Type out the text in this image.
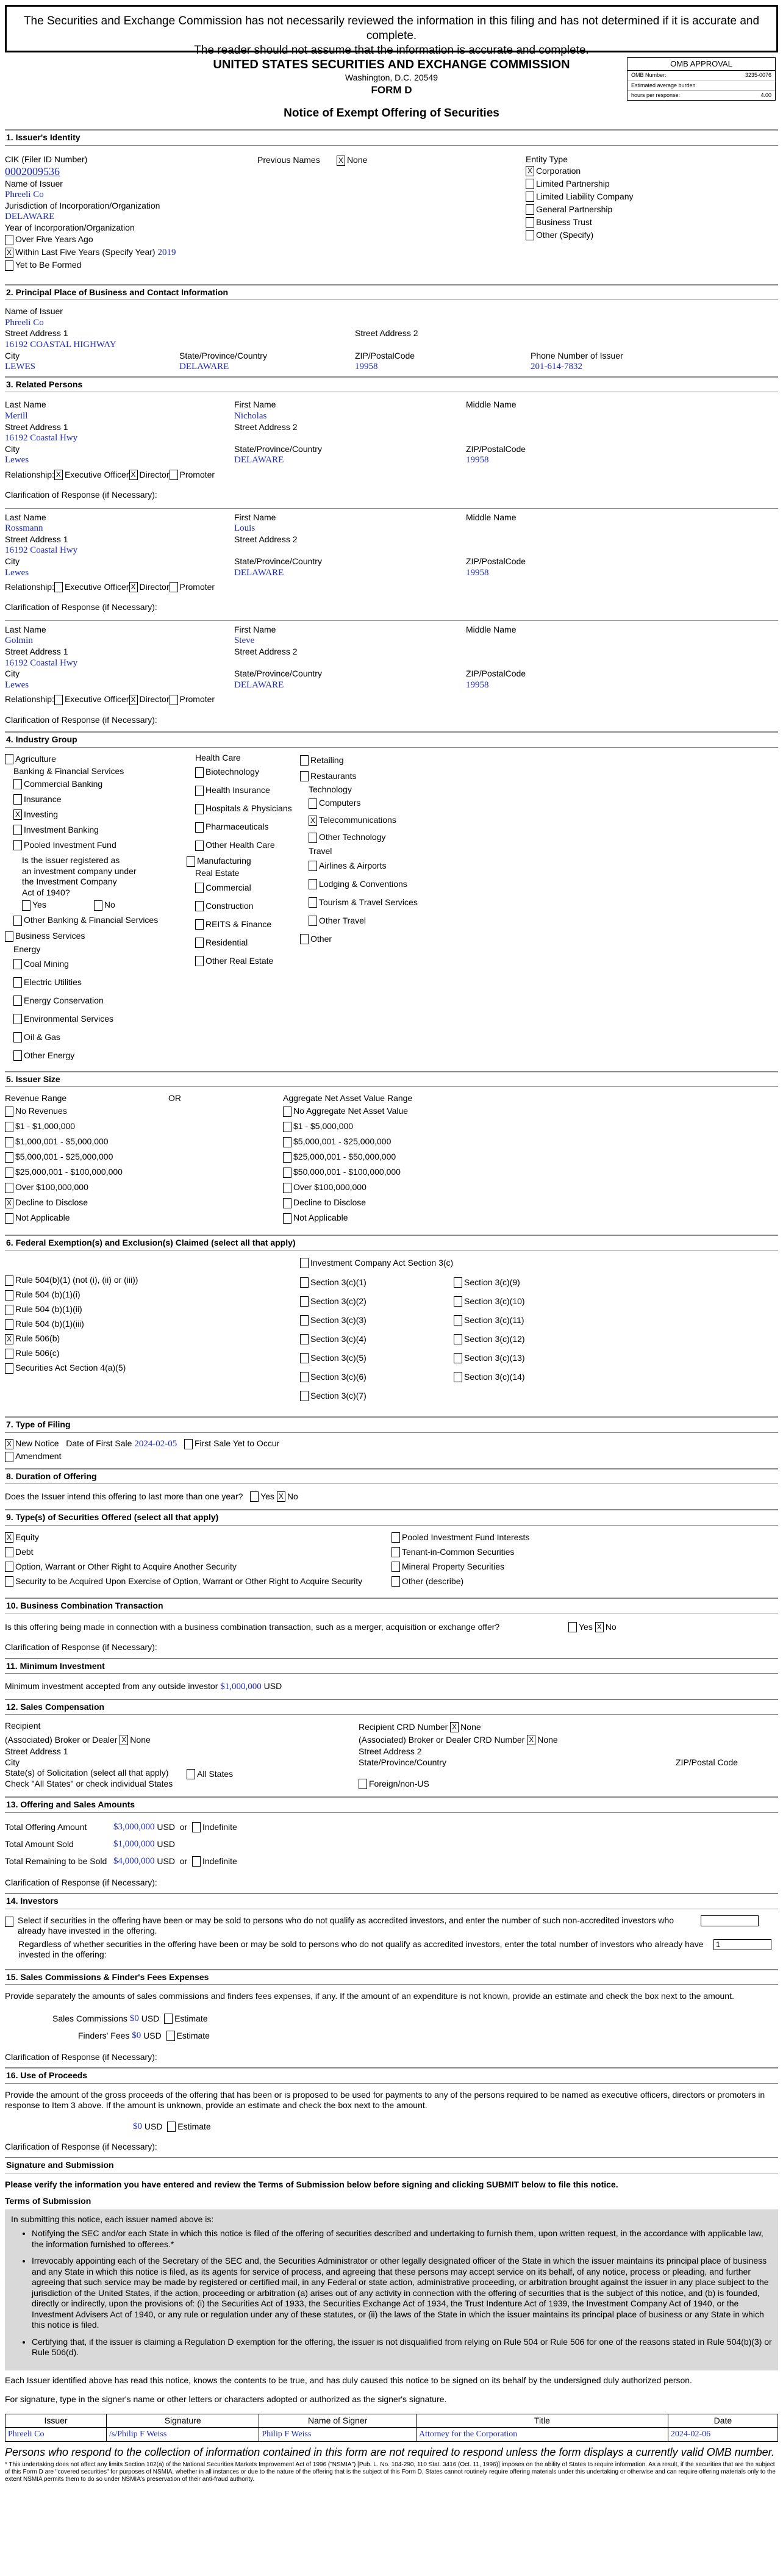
The Securities and Exchange Commission has not necessarily reviewed the information in this filing and has not determined if it is accurate and complete.
The reader should not assume that the information is accurate and complete.
UNITED STATES SECURITIES AND EXCHANGE COMMISSION
Washington, D.C. 20549
FORM D
Notice of Exempt Offering of Securities
OMB APPROVAL
OMB Number:	3235-0076
Estimated average burden
hours per response:	4.00
1. Issuer's Identity
CIK (Filer ID Number)
0002009536
Name of Issuer
Phreeli Co
Jurisdiction of Incorporation/Organization
DELAWARE
Year of Incorporation/Organization
Over Five Years Ago
X Within Last Five Years (Specify Year)
2019
Yet to Be Formed
Previous Names
	X None	Entity Type
X Corporation
Limited Partnership
Limited Liability Company
General Partnership
Business Trust
Other (Specify)
2. Principal Place of Business and Contact Information
Name of Issuer
Phreeli Co
Street Address 1
16192 COASTAL HIGHWAY
Street Address 2
City
LEWES
State/Province/Country
DELAWARE
ZIP/PostalCode
19958
Phone Number of Issuer
201-614-7832
3. Related Persons
Last Name
Merill
First Name
Nicholas
Middle Name
Street Address 1
16192 Coastal Hwy
Street Address 2
City
Lewes
State/Province/Country
DELAWARE
ZIP/PostalCode
19958
Relationship: X Executive Officer X Director Promoter
Clarification of Response (if Necessary):
Last Name
Rossmann
First Name
Louis
Middle Name
Street Address 1
16192 Coastal Hwy
Street Address 2
City
Lewes
State/Province/Country
DELAWARE
ZIP/PostalCode
19958
Relationship: Executive Officer X Director Promoter
Clarification of Response (if Necessary):
Last Name
Golmin
First Name
Steve
Middle Name
Street Address 1
16192 Coastal Hwy
Street Address 2
City
Lewes
State/Province/Country
DELAWARE
ZIP/PostalCode
19958
Relationship: Executive Officer X Director Promoter
Clarification of Response (if Necessary):
4. Industry Group
Agriculture
Banking & Financial Services
Commercial Banking
Insurance
X Investing
Investment Banking
Pooled Investment Fund
Is the issuer registered as
an investment company under
the Investment Company
Act of 1940?
Yes	No
Other Banking & Financial Services
Business Services
Energy
Coal Mining
Electric Utilities
Energy Conservation
Environmental Services
Oil & Gas
Other Energy
Health Care
Biotechnology
Health Insurance
Hospitals & Physicians
Pharmaceuticals
Other Health Care
Manufacturing
Real Estate
Commercial
Construction
REITS & Finance
Residential
Other Real Estate
Retailing
Restaurants
Technology
Computers
X Telecommunications
Other Technology
Travel
Airlines & Airports
Lodging & Conventions
Tourism & Travel Services
Other Travel
Other
5. Issuer Size
Revenue Range
No Revenues
$1 - $1,000,000
$1,000,001 - $5,000,000
$5,000,001 - $25,000,000
$25,000,001 - $100,000,000
Over $100,000,000
X Decline to Disclose
Not Applicable
OR	Aggregate Net Asset Value Range
No Aggregate Net Asset Value
$1 - $5,000,000
$5,000,001 - $25,000,000
$25,000,001 - $50,000,000
$50,000,001 - $100,000,000
Over $100,000,000
Decline to Disclose
Not Applicable
6. Federal Exemption(s) and Exclusion(s) Claimed (select all that apply)
Investment Company Act Section 3(c)
Rule 504(b)(1) (not (i), (ii) or (iii))
Rule 504 (b)(1)(i)
Rule 504 (b)(1)(ii)
Rule 504 (b)(1)(iii)
X Rule 506(b)
Rule 506(c)
Securities Act Section 4(a)(5)
Section 3(c)(1)
Section 3(c)(2)
Section 3(c)(3)
Section 3(c)(4)
Section 3(c)(5)
Section 3(c)(6)
Section 3(c)(7)
Section 3(c)(9)
Section 3(c)(10)
Section 3(c)(11)
Section 3(c)(12)
Section 3(c)(13)
Section 3(c)(14)
7. Type of Filing
X New Notice
Date of First Sale
2024-02-05
First Sale Yet to Occur
Amendment
8. Duration of Offering
Does the Issuer intend this offering to last more than one year?
Yes
X No
9. Type(s) of Securities Offered (select all that apply)
X Equity
Debt
Option, Warrant or Other Right to Acquire Another Security
Security to be Acquired Upon Exercise of Option, Warrant or Other Right to Acquire Security
Pooled Investment Fund Interests
Tenant-in-Common Securities
Mineral Property Securities
Other (describe)
10. Business Combination Transaction
Is this offering being made in connection with a business combination transaction, such as a merger, acquisition or exchange offer?	Yes X No
Clarification of Response (if Necessary):
11. Minimum Investment
Minimum investment accepted from any outside investor $1,000,000 USD
12. Sales Compensation
Recipient	Recipient CRD Number
X None
(Associated) Broker or Dealer
X None	(Associated) Broker or Dealer CRD Number
X None
Street Address 1	Street Address 2
City	State/Province/Country	ZIP/Postal Code
State(s) of Solicitation (select all that apply)
Check "All States" or check individual States
All States
Foreign/non-US
13. Offering and Sales Amounts
Total Offering Amount	$3,000,000
USD
or
Indefinite
Total Amount Sold	$1,000,000
USD
Total Remaining to be Sold $4,000,000
USD
or
Indefinite
Clarification of Response (if Necessary):
14. Investors
Select if securities in the offering have been or may be sold to persons who do not qualify as accredited investors, and enter the number of such non-accredited investors who already have invested in the offering.
Regardless of whether securities in the offering have been or may be sold to persons who do not qualify as accredited investors, enter the total number of investors who already have invested in the offering:
1
15. Sales Commissions & Finder's Fees Expenses
Provide separately the amounts of sales commissions and finders fees expenses, if any. If the amount of an expenditure is not known, provide an estimate and check the box next to the amount.
Sales Commissions
$0
USD
Estimate
Finders' Fees
$0
USD
Estimate
Clarification of Response (if Necessary):
16. Use of Proceeds
Provide the amount of the gross proceeds of the offering that has been or is proposed to be used for payments to any of the persons required to be named as executive officers, directors or promoters in response to Item 3 above. If the amount is unknown, provide an estimate and check the box next to the amount.
$0
USD
Estimate
Clarification of Response (if Necessary):
Signature and Submission
Please verify the information you have entered and review the Terms of Submission below before signing and clicking SUBMIT below to file this notice.
Terms of Submission
In submitting this notice, each issuer named above is:
• Notifying the SEC and/or each State in which this notice is filed of the offering of securities described and undertaking to furnish them, upon written request, in the accordance with applicable law, the information furnished to offerees.*
• Irrevocably appointing each of the Secretary of the SEC and, the Securities Administrator or other legally designated officer of the State in which the issuer maintains its principal place of business and any State in which this notice is filed, as its agents for service of process, and agreeing that these persons may accept service on its behalf, of any notice, process or pleading, and further agreeing that such service may be made by registered or certified mail, in any Federal or state action, administrative proceeding, or arbitration brought against the issuer in any place subject to the jurisdiction of the United States, if the action, proceeding or arbitration (a) arises out of any activity in connection with the offering of securities that is the subject of this notice, and (b) is founded, directly or indirectly, upon the provisions of: (i) the Securities Act of 1933, the Securities Exchange Act of 1934, the Trust Indenture Act of 1939, the Investment Company Act of 1940, or the Investment Advisers Act of 1940, or any rule or regulation under any of these statutes, or (ii) the laws of the State in which the issuer maintains its principal place of business or any State in which this notice is filed.
• Certifying that, if the issuer is claiming a Regulation D exemption for the offering, the issuer is not disqualified from relying on Rule 504 or Rule 506 for one of the reasons stated in Rule 504(b)(3) or Rule 506(d).
Each Issuer identified above has read this notice, knows the contents to be true, and has duly caused this notice to be signed on its behalf by the undersigned duly authorized person.
For signature, type in the signer's name or other letters or characters adopted or authorized as the signer's signature.
Issuer	Signature	Name of Signer	Title	Date
Phreeli Co	/s/Philip F Weiss	Philip F Weiss	Attorney for the Corporation	2024-02-06
Persons who respond to the collection of information contained in this form are not required to respond unless the form displays a currently valid OMB number.
* This undertaking does not affect any limits Section 102(a) of the National Securities Markets Improvement Act of 1996 ("NSMIA") [Pub. L. No. 104-290, 110 Stat. 3416 (Oct. 11, 1996)] imposes on the ability of States to require information. As a result, if the securities that are the subject of this Form D are "covered securities" for purposes of NSMIA, whether in all instances or due to the nature of the offering that is the subject of this Form D, States cannot routinely require offering materials under this undertaking or otherwise and can require offering materials only to the extent NSMIA permits them to do so under NSMIA's preservation of their anti-fraud authority.
